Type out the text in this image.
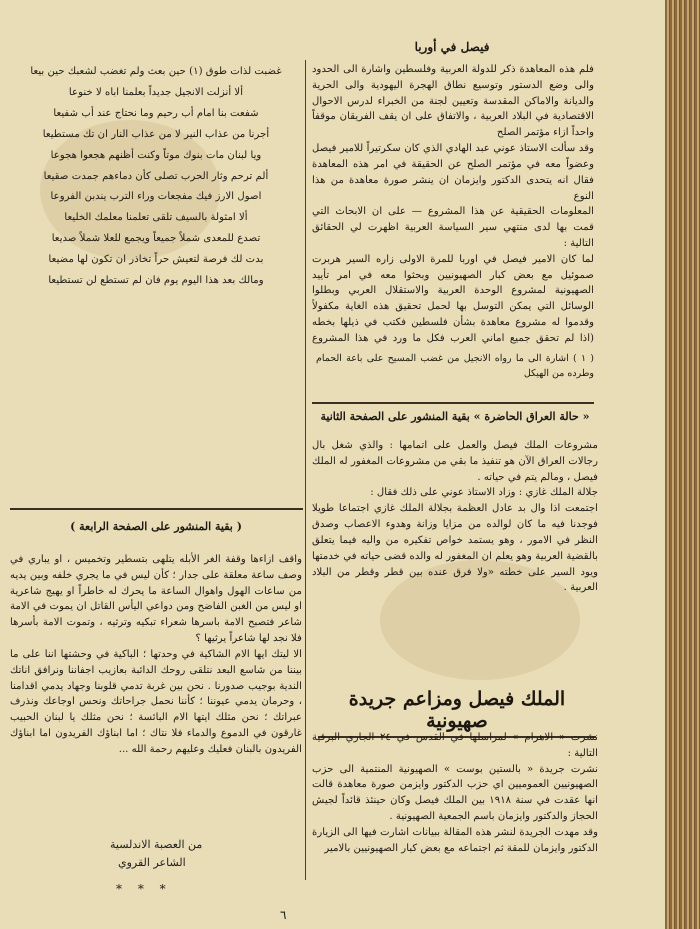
فيصل في أوربا

فلم هذه المعاهدة ذكر للدولة العربية وفلسطين واشارة الى الحدود والى وضع الدستور وتوسيع نطاق الهجرة اليهودية والى الحرية والديانة والاماكن المقدسة وتعيين لجنة من الخبراء لدرس الاحوال الاقتصادية في البلاد العربية ، والاتفاق على ان يقف الفريقان موقفاً واحداً ازاء مؤتمر الصلح

وقد سألت الاستاذ عوني عبد الهادي الذي كان سكرتيراً للامير فيصل وعضواً معه في مؤتمر الصلح عن الحقيقة في امر هذه المعاهدة فقال انه يتحدى الدكتور وايزمان ان ينشر صورة معاهدة من هذا النوع

المعلومات الحقيقية عن هذا المشروع — على ان الابحاث التي قمت بها لدى منتهي سير السياسة العربية اظهرت لي الحقائق التالية :

لما كان الامير فيصل في اوربا للمرة الاولى زاره السير هربرت صموئيل مع بعض كبار الصهيونيين وبحثوا معه في امر تأييد الصهيونية لمشروع الوحدة العربية والاستقلال العربي وبطلوا الوسائل التي يمكن التوسل بها لحمل تحقيق هذه الغاية مكفولاً وقدموا له مشروع معاهدة بشأن فلسطين فكتب في ذيلها بخطه (اذا لم تحقق جميع اماني العرب فكل ما ورد في هذا المشروع

غضبت لذات طوق (١) حين بعث ولم تغضب لشعبك حين بيعا

ألا أنزلت الانجيل جديداً بعلمنا اباه لا خنوعا

شفعت بنا امام أب رحيم وما نحتاج عند أب شفيعا

أجرنا من عذاب النير لا من عذاب النار ان تك مستطيعا

ويا لبنان مات بنوك موتاً وكنت أظنهم هجعوا هجوعا

ألم ترحم وثار الحرب تصلى كأن دماءهم جمدت صقيعا

اصول الارز فيك مفجعات وراء الترب يندبن الفروعا

ألا امثولة بالسيف تلقى تعلمنا معلمك الخليعا

تصدع للمعدى شملاً جميعاً ويجمع للعلا شملاً صديعا

بدت لك فرصة لتعيش حراً تخاذر ان تكون لها مضيعا

ومالك بعد هذا اليوم يوم فان لم تستطع لن تستطيعا

( ١ ) اشارة الى ما رواه الانجيل من غضب المسيح على باعة الحمام وطرده من الهيكل
« حالة العراق الحاضرة » بقية المنشور على الصفحة الثانية

مشروعات الملك فيصل والعمل على اتمامها : والذي شغل بال رجالات العراق الآن هو تنفيذ ما بقي من مشروعات المغفور له الملك فيصل ، ومالم يتم في حياته .

جلالة الملك غازي : وزاد الاستاذ عوني على ذلك فقال :

اجتمعت اذا وال بد عادل العظمة بجلالة الملك غازي اجتماعا طويلا فوجدنا فيه ما كان لوالده من مزايا وزانة وهدوء الاعصاب وصدق النظر في الامور ، وهو يستمد خواص تفكيره من واليه فيما يتعلق بالقضية العربية وهو يعلم ان المغفور له والده قضى حياته في خدمتها ويود السير على خطته «ولا فرق عنده بين قطر وقطر من البلاد العربية .

الملك فيصل ومزاعم جريدة صهيونية

نشرت « الاهرام » لمراسلها في القدس في ٢٤ الجاري البرقية التالية :

نشرت جريدة « بالستين بوست » الصهيونية المنتمية الى حزب الصهيونيين العموميين اي حزب الدكتور وايزمن صورة معاهدة قالت انها عقدت في سنة ١٩١٨ بين الملك فيصل وكان حينئذ قائداً لجيش الحجاز والدكتور وايزمان باسم الجمعية الصهيونية .

وقد مهدت الجريدة لنشر هذه المقالة ببيانات اشارت فيها الى الزيارة الدكتور وايزمان للمقة ثم اجتماعه مع بعض كبار الصهيونيين بالامير

( بقية المنشور على الصفحة الرابعة )

واقف ازاءها وقفة الغر الأبله يتلهى بتسطير وتخميس ، او يباري في وصف ساعة معلقة على جدار ؛ كأن ليس في ما يجري خلفه وبين يديه من ساعات الهول واهوال الساعة ما يحرك له خاطراً او يهيج شاعرية او ليس من الغبن الفاضح ومن دواعي اليأس القاتل ان يموت في الامة شاعر فتصبح الامة باسرها شعراء تبكيه وترثيه ، وتموت الامة بأسرها فلا نجد لها شاعراً يرثيها ؟

الا ليتك ايها الام الشاكية في وحدتها ؛ الباكية في وحشتها اننا على ما بيننا من شاسع البعد نتلقى روحك الدائبة بعازيب اجفاننا ونرافق اناتك الندية بوجيب صدورنا . نحن بين غربة تدمي قلوبنا وجهاد يدمي اقدامنا ، وحرمان يدمي عيوننا ؛ كأننا نحمل جراحاتك ونحس اوجاعك ونذرف عبراتك ؛ نحن مثلك ايتها الام البائسة ؛ نحن مثلك يا لبنان الحبيب غارقون في الدموع والدماء فلا نتاك ؛ اما ابناؤك الفريدون اما ابناؤك الفريدون بالبنان فعليك وعليهم رحمة الله ...

من العصبة الاندلسية
الشاعر القروي
* * *
٦
